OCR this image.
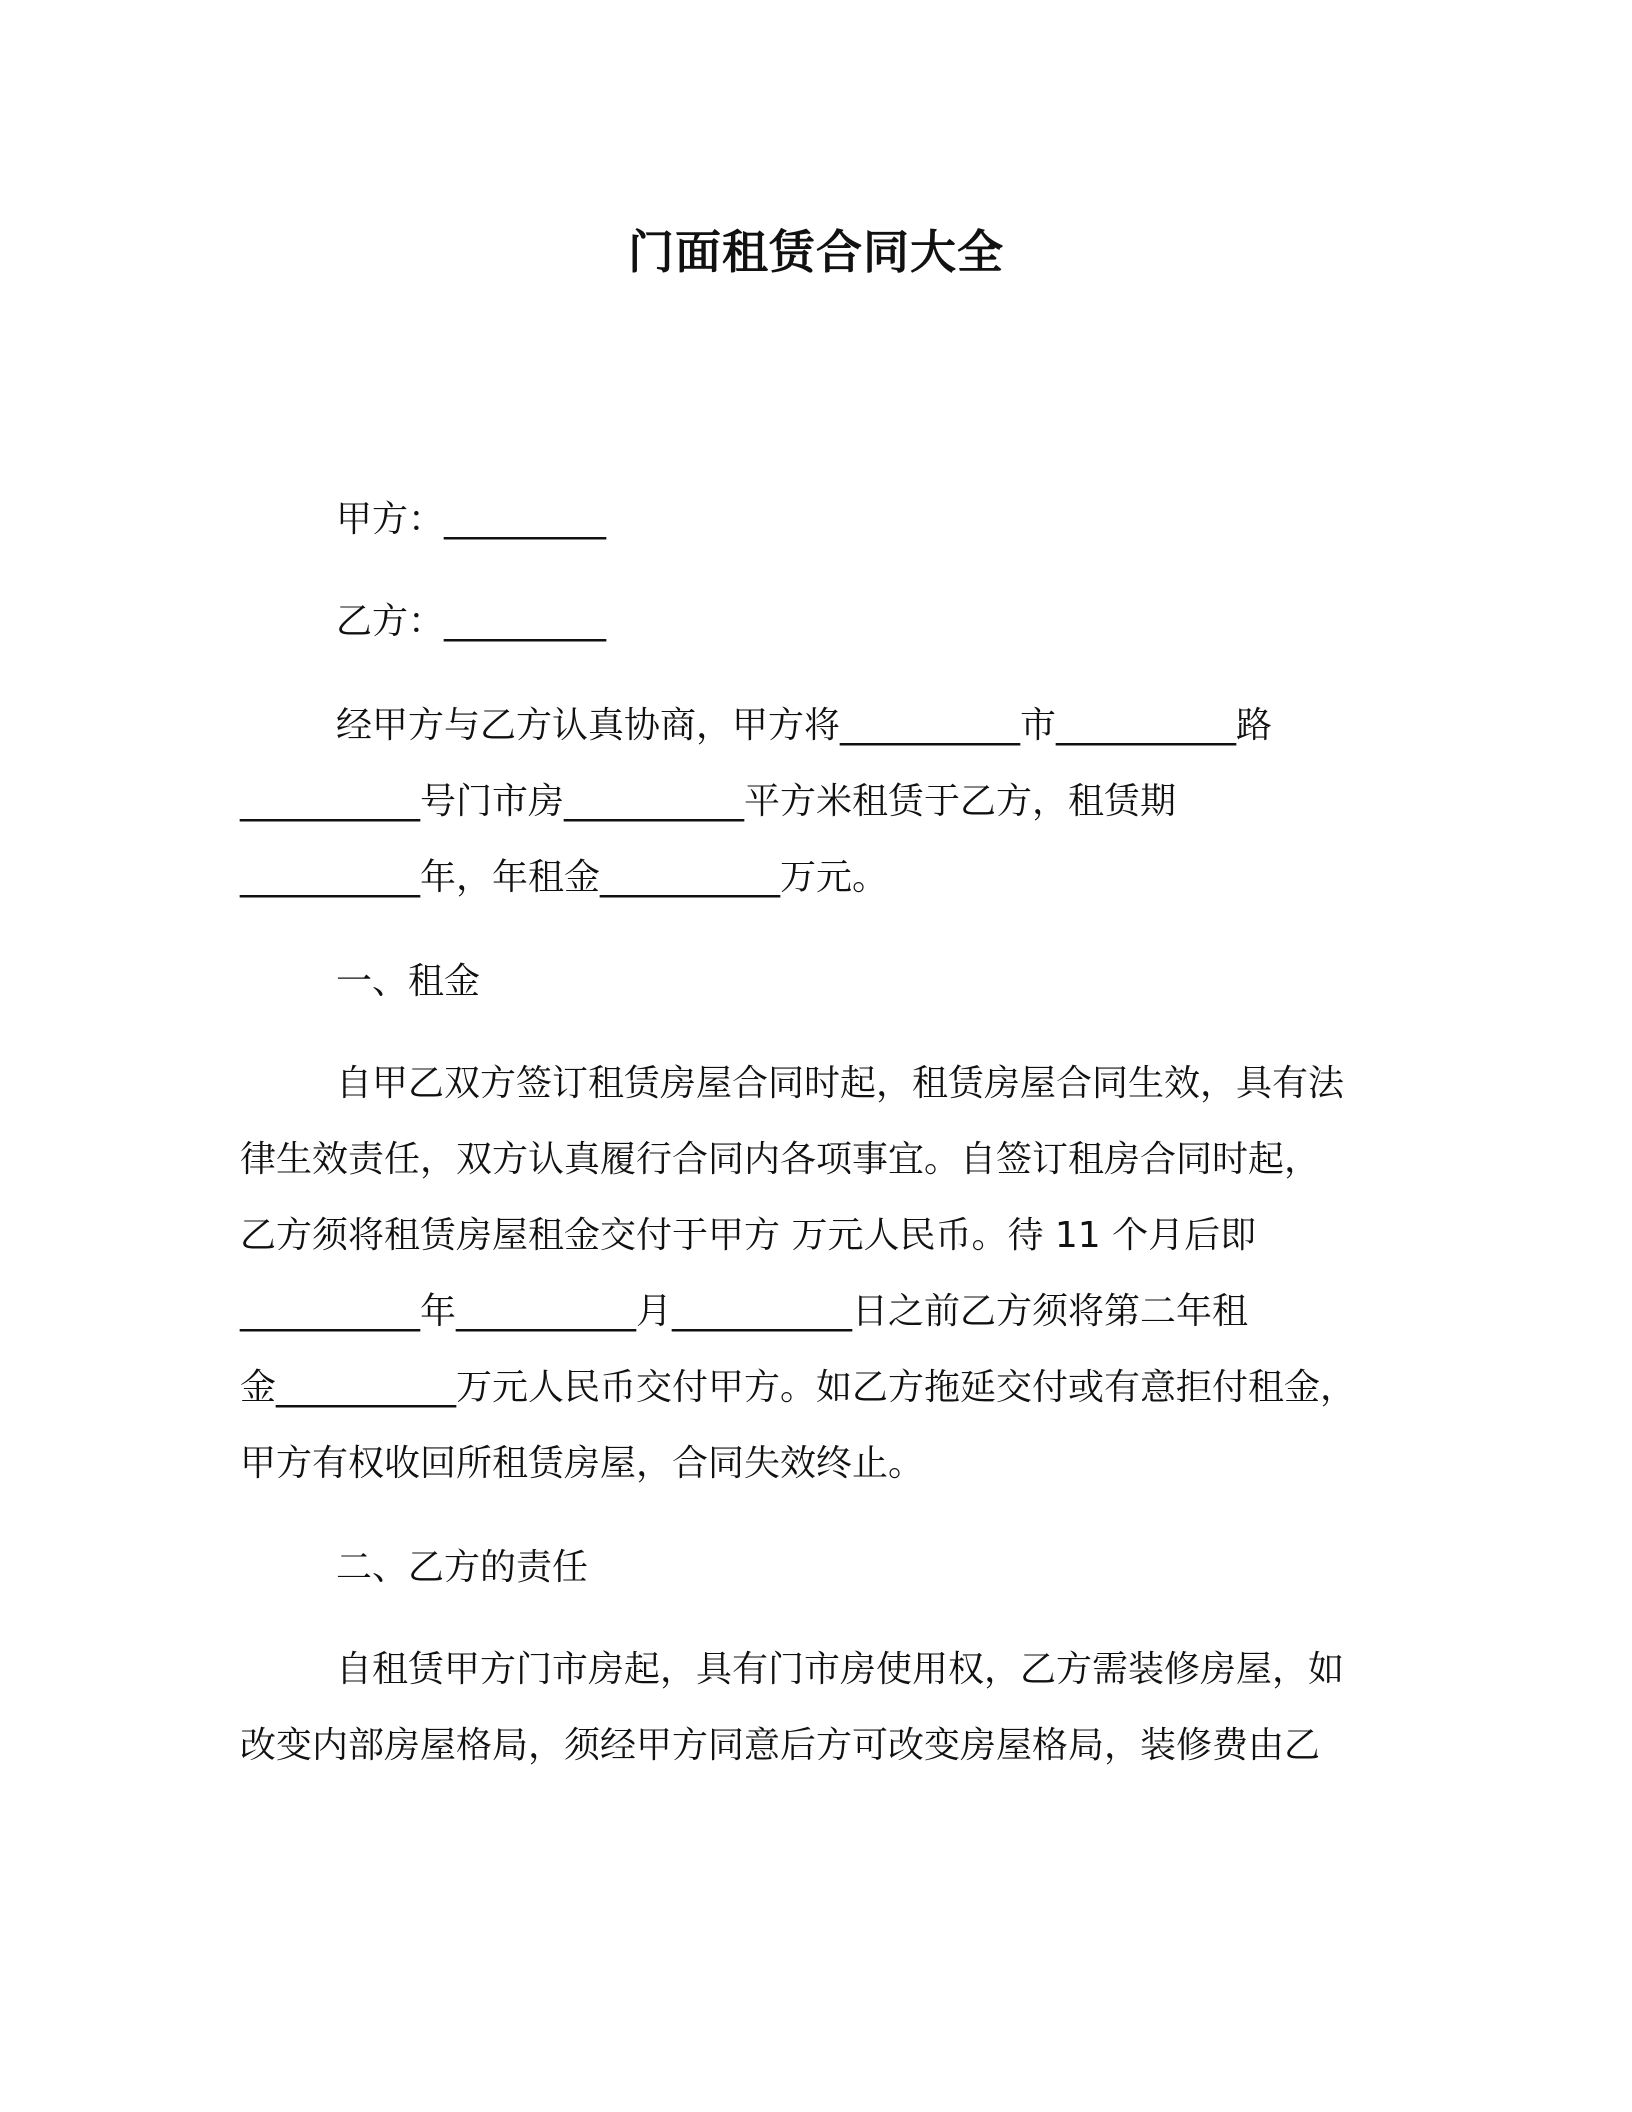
门面租赁合同大全
甲方：_________
乙方：_________
经甲方与乙方认真协商，甲方将__________市__________路
__________号门市房__________平方米租赁于乙方，租赁期
__________年，年租金__________万元。
一、租金
自甲乙双方签订租赁房屋合同时起，租赁房屋合同生效，具有法
律生效责任，双方认真履行合同内各项事宜。自签订租房合同时起，
乙方须将租赁房屋租金交付于甲方 万元人民币。待 11 个月后即
__________年__________月__________日之前乙方须将第二年租
金__________万元人民币交付甲方。如乙方拖延交付或有意拒付租金，
甲方有权收回所租赁房屋，合同失效终止。
二、乙方的责任
自租赁甲方门市房起，具有门市房使用权，乙方需装修房屋，如
改变内部房屋格局，须经甲方同意后方可改变房屋格局，装修费由乙
